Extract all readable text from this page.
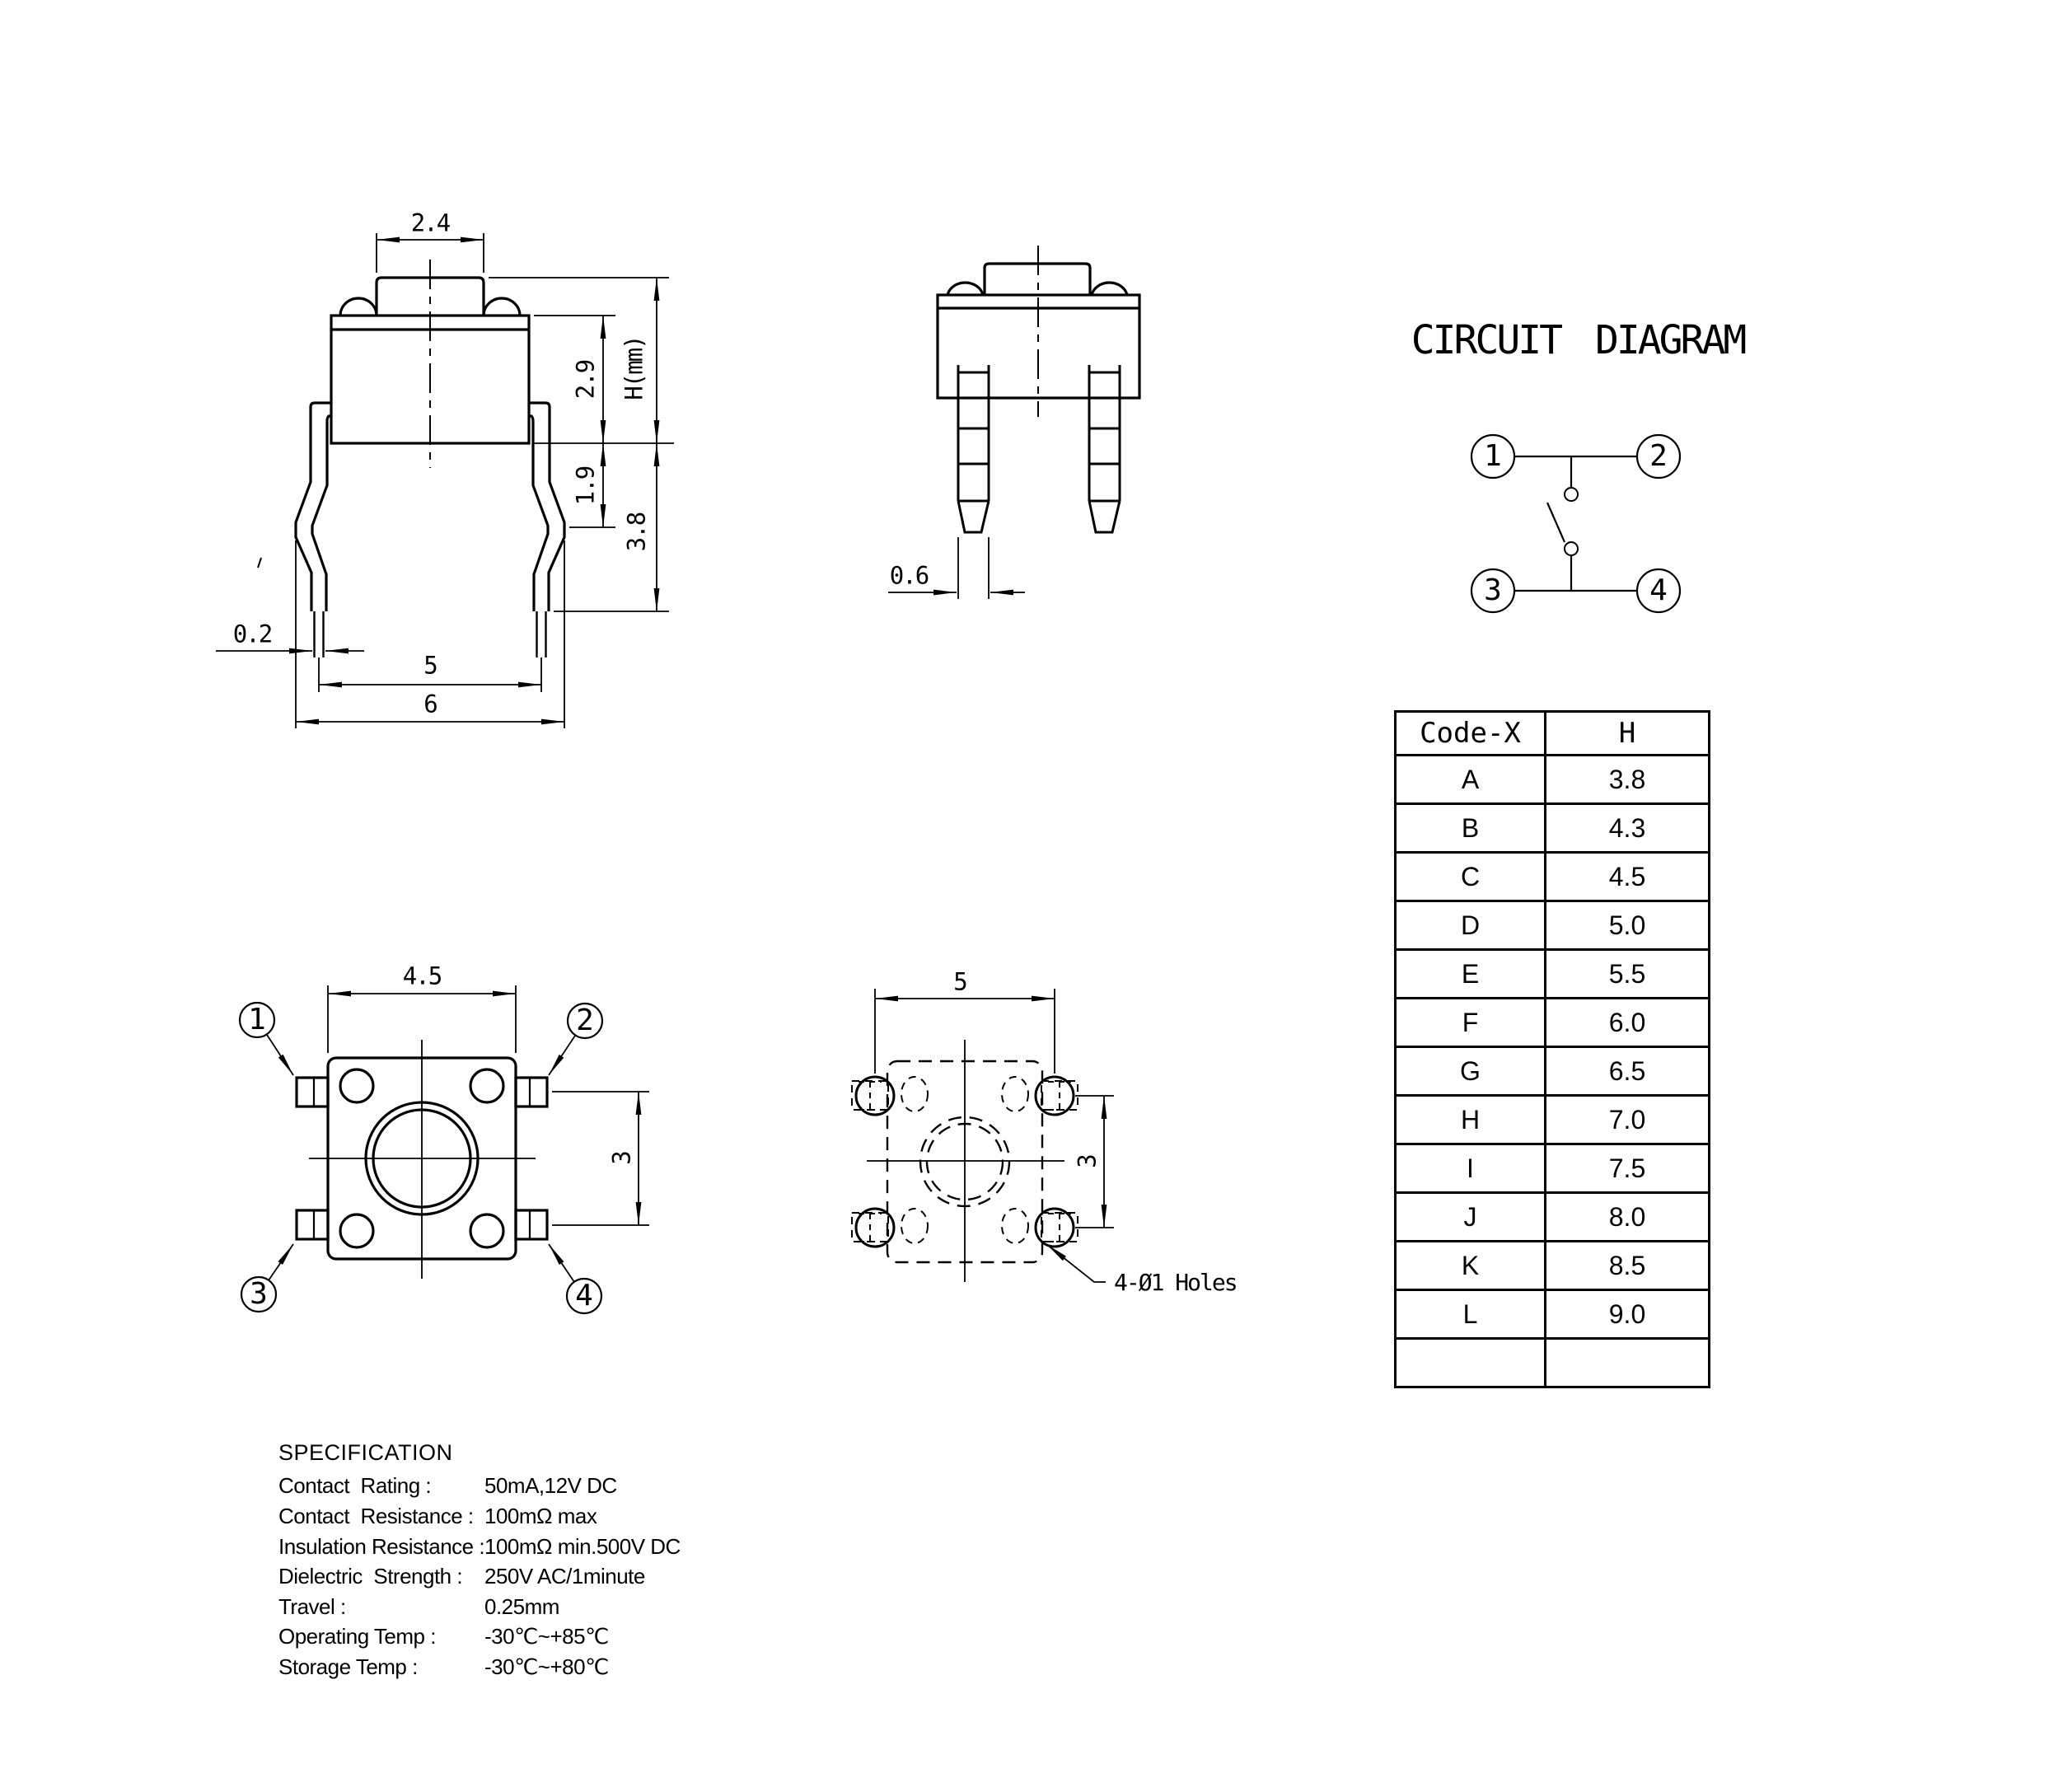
2.4
H(mm)
2.9
1.9
3.8
0.2
5
6
0.6
CIRCUIT DIAGRAM
1	2
3	4
4.5
3
1	2
3	4
5
3
4-Ø1 Holes
Code-X	H
A	3.8
B	4.3
C	4.5
D	5.0
E	5.5
F	6.0
G	6.5
H	7.0
I	7.5
J	8.0
K	8.5
L	9.0

SPECIFICATION
Contact  Rating : 50mA,12V DC
Contact  Resistance : 100mΩ max
Insulation Resistance : 100mΩ min.500V DC
Dielectric  Strength : 250V AC/1minute
Travel :	0.25mm
Operating Temp : -30℃~+85℃
Storage Temp :	-30℃~+80℃
